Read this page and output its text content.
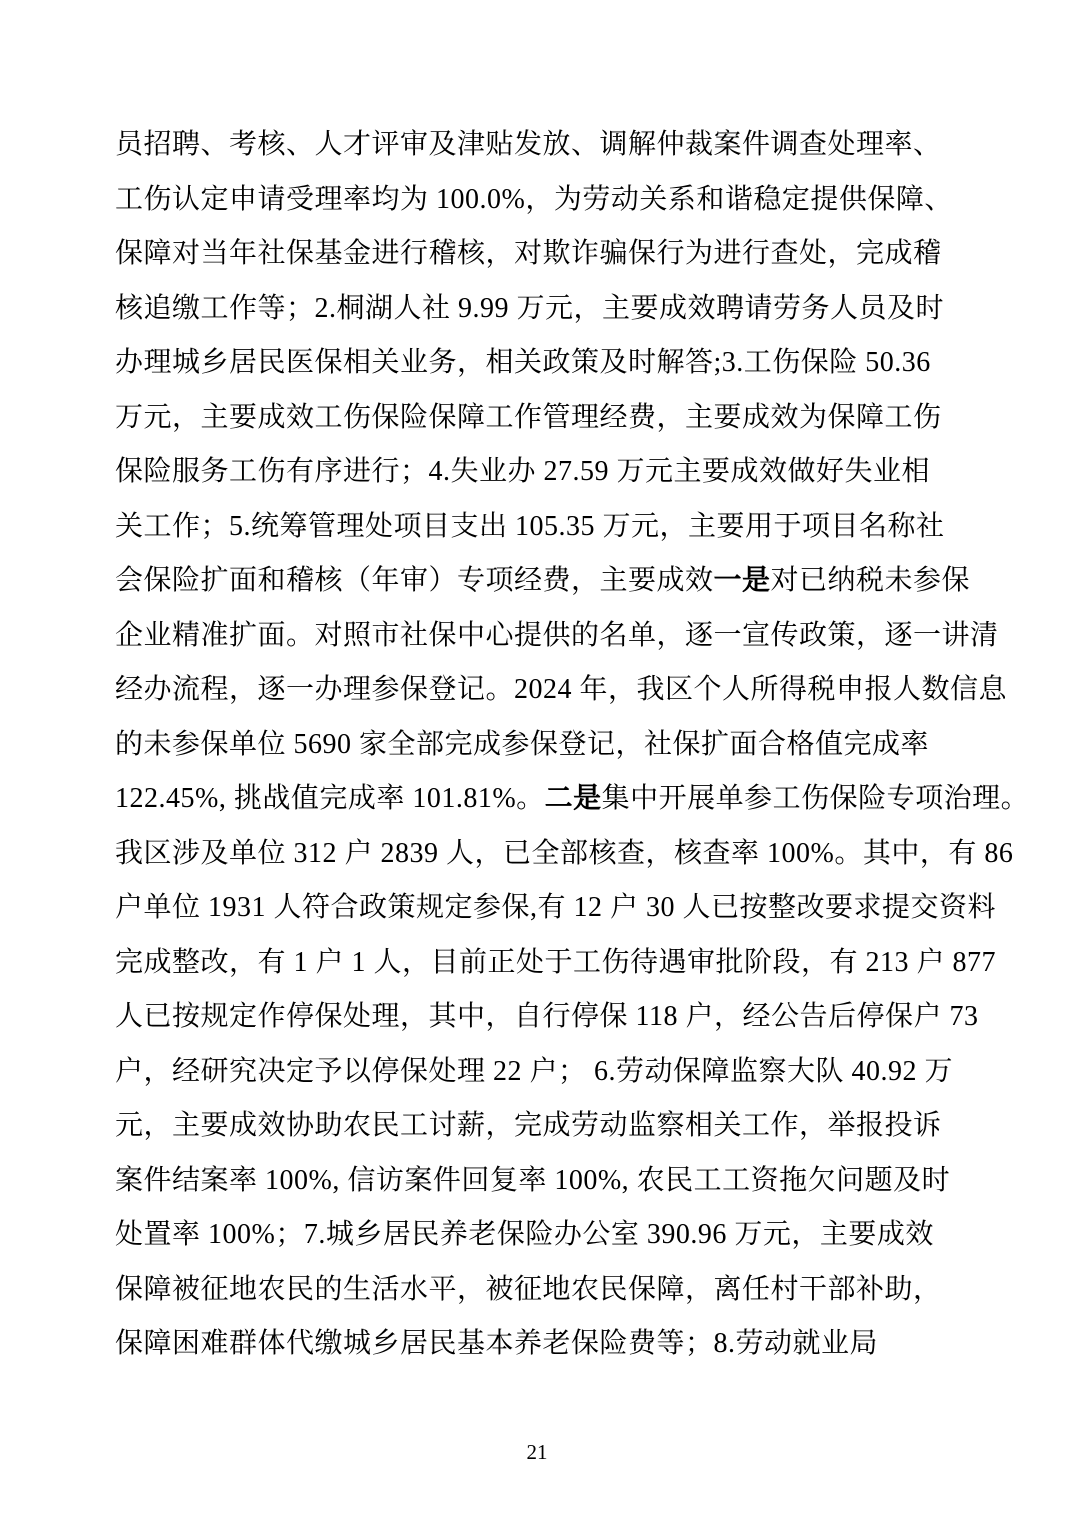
员招聘、考核、人才评审及津贴发放、调解仲裁案件调查处理率、
工伤认定申请受理率均为 100.0%，为劳动关系和谐稳定提供保障、
保障对当年社保基金进行稽核，对欺诈骗保行为进行查处，完成稽
核追缴工作等；2.桐湖人社 9.99 万元，主要成效聘请劳务人员及时
办理城乡居民医保相关业务，相关政策及时解答;3.工伤保险 50.36
万元，主要成效工伤保险保障工作管理经费，主要成效为保障工伤
保险服务工伤有序进行；4.失业办 27.59 万元主要成效做好失业相
关工作；5.统筹管理处项目支出 105.35 万元，主要用于项目名称社
会保险扩面和稽核（年审）专项经费，主要成效一是对已纳税未参保
企业精准扩面。对照市社保中心提供的名单，逐一宣传政策，逐一讲清
经办流程，逐一办理参保登记。2024 年，我区个人所得税申报人数信息
的未参保单位 5690 家全部完成参保登记，社保扩面合格值完成率
122.45%, 挑战值完成率 101.81%。二是集中开展单参工伤保险专项治理。
我区涉及单位 312 户 2839 人，已全部核查，核查率 100%。其中，有 86
户单位 1931 人符合政策规定参保,有 12 户 30 人已按整改要求提交资料
完成整改，有 1 户 1 人，目前正处于工伤待遇审批阶段，有 213 户 877
人已按规定作停保处理，其中，自行停保 118 户，经公告后停保户 73
户，经研究决定予以停保处理 22 户； 6.劳动保障监察大队 40.92 万
元，主要成效协助农民工讨薪，完成劳动监察相关工作，举报投诉
案件结案率 100%, 信访案件回复率 100%, 农民工工资拖欠问题及时
处置率 100%；7.城乡居民养老保险办公室 390.96 万元，主要成效
保障被征地农民的生活水平，被征地农民保障，离任村干部补助，
保障困难群体代缴城乡居民基本养老保险费等；8.劳动就业局
21
